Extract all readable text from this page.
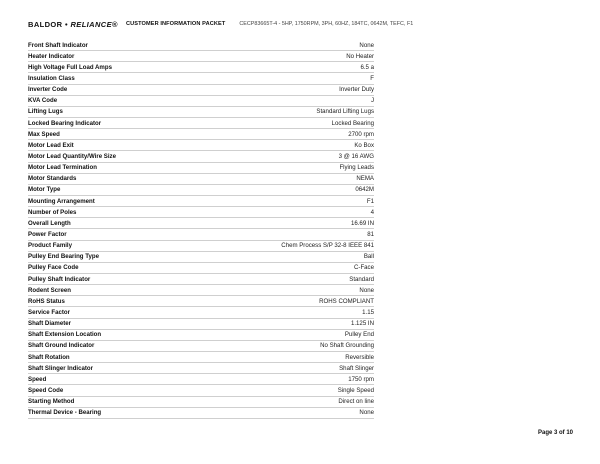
BALDOR • RELIANCE®	CUSTOMER INFORMATION PACKET	CECP83665T-4 - 5HP, 1750RPM, 3PH, 60HZ, 184TC, 0642M, TEFC, F1
Front Shaft Indicator	None
Heater Indicator	No Heater
High Voltage Full Load Amps	6.5 a
Insulation Class	F
Inverter Code	Inverter Duty
KVA Code	J
Lifting Lugs	Standard Lifting Lugs
Locked Bearing Indicator	Locked Bearing
Max Speed	2700 rpm
Motor Lead Exit	Ko Box
Motor Lead Quantity/Wire Size	3 @ 16 AWG
Motor Lead Termination	Flying Leads
Motor Standards	NEMA
Motor Type	0642M
Mounting Arrangement	F1
Number of Poles	4
Overall Length	16.69 IN
Power Factor	81
Product Family	Chem Process S/P 32-8 IEEE 841
Pulley End Bearing Type	Ball
Pulley Face Code	C-Face
Pulley Shaft Indicator	Standard
Rodent Screen	None
RoHS Status	ROHS COMPLIANT
Service Factor	1.15
Shaft Diameter	1.125 IN
Shaft Extension Location	Pulley End
Shaft Ground Indicator	No Shaft Grounding
Shaft Rotation	Reversible
Shaft Slinger Indicator	Shaft Slinger
Speed	1750 rpm
Speed Code	Single Speed
Starting Method	Direct on line
Thermal Device - Bearing	None
Page 3 of 10
